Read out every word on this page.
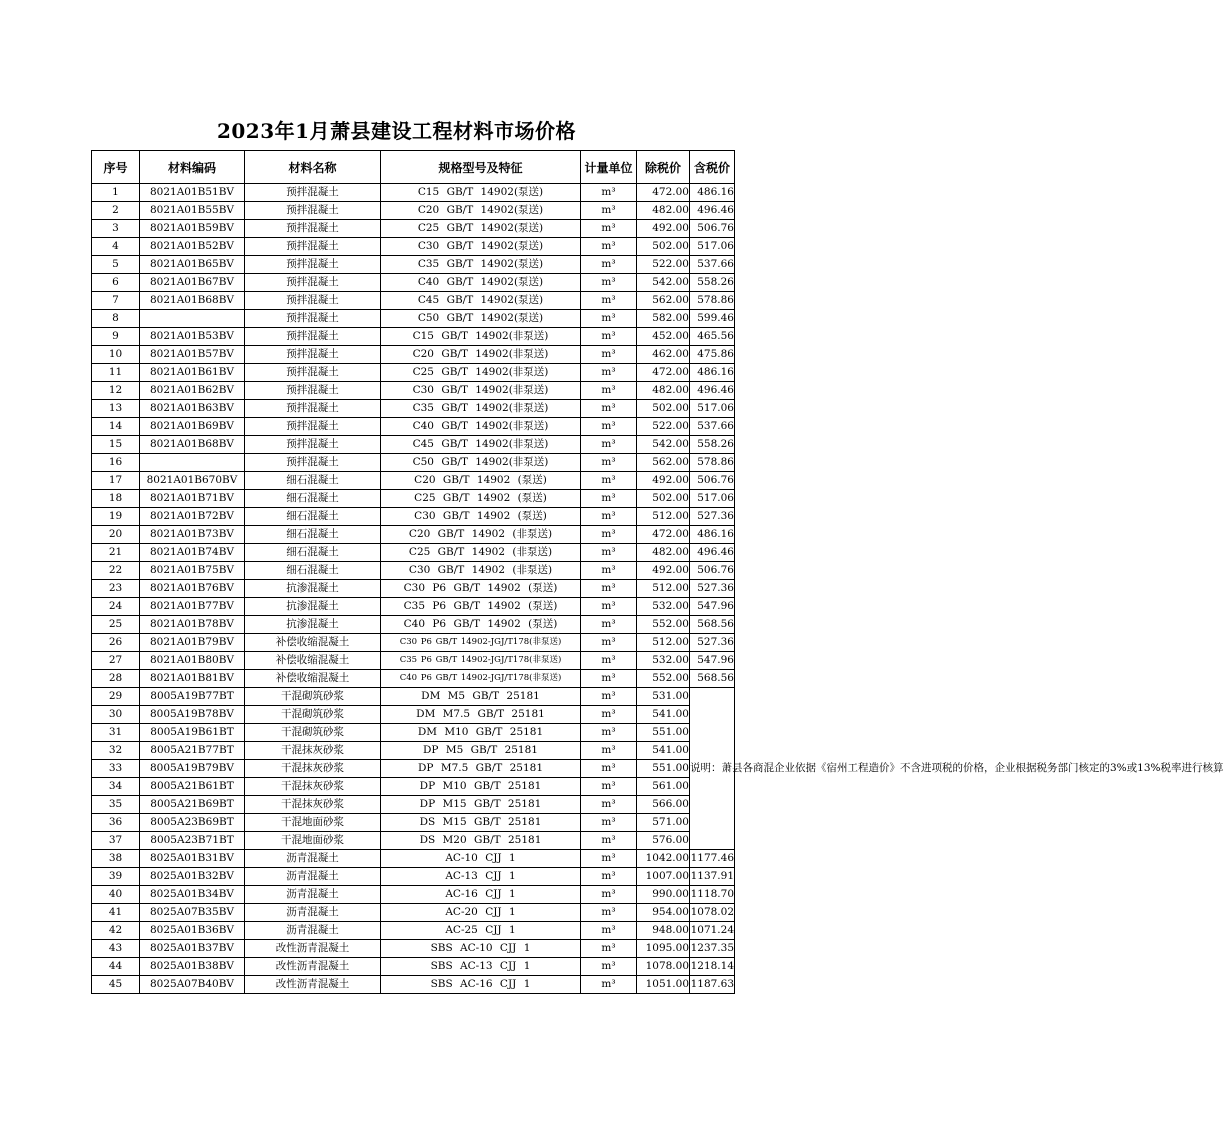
2023年1月萧县建设工程材料市场价格
序号	材料编码	材料名称	规格型号及特征	计量单位	除税价	含税价
1	8021A01B51BV	预拌混凝土	C15 GB/T 14902(泵送)	m³	472.00	486.16
2	8021A01B55BV	预拌混凝土	C20 GB/T 14902(泵送)	m³	482.00	496.46
3	8021A01B59BV	预拌混凝土	C25 GB/T 14902(泵送)	m³	492.00	506.76
4	8021A01B52BV	预拌混凝土	C30 GB/T 14902(泵送)	m³	502.00	517.06
5	8021A01B65BV	预拌混凝土	C35 GB/T 14902(泵送)	m³	522.00	537.66
6	8021A01B67BV	预拌混凝土	C40 GB/T 14902(泵送)	m³	542.00	558.26
7	8021A01B68BV	预拌混凝土	C45 GB/T 14902(泵送)	m³	562.00	578.86
8		预拌混凝土	C50 GB/T 14902(泵送)	m³	582.00	599.46
9	8021A01B53BV	预拌混凝土	C15 GB/T 14902(非泵送)	m³	452.00	465.56
10	8021A01B57BV	预拌混凝土	C20 GB/T 14902(非泵送)	m³	462.00	475.86
11	8021A01B61BV	预拌混凝土	C25 GB/T 14902(非泵送)	m³	472.00	486.16
12	8021A01B62BV	预拌混凝土	C30 GB/T 14902(非泵送)	m³	482.00	496.46
13	8021A01B63BV	预拌混凝土	C35 GB/T 14902(非泵送)	m³	502.00	517.06
14	8021A01B69BV	预拌混凝土	C40 GB/T 14902(非泵送)	m³	522.00	537.66
15	8021A01B68BV	预拌混凝土	C45 GB/T 14902(非泵送)	m³	542.00	558.26
16		预拌混凝土	C50 GB/T 14902(非泵送)	m³	562.00	578.86
17	8021A01B670BV	细石混凝土	C20 GB/T 14902 (泵送)	m³	492.00	506.76
18	8021A01B71BV	细石混凝土	C25 GB/T 14902 (泵送)	m³	502.00	517.06
19	8021A01B72BV	细石混凝土	C30 GB/T 14902 (泵送)	m³	512.00	527.36
20	8021A01B73BV	细石混凝土	C20 GB/T 14902 (非泵送)	m³	472.00	486.16
21	8021A01B74BV	细石混凝土	C25 GB/T 14902 (非泵送)	m³	482.00	496.46
22	8021A01B75BV	细石混凝土	C30 GB/T 14902 (非泵送)	m³	492.00	506.76
23	8021A01B76BV	抗渗混凝土	C30 P6 GB/T 14902 (泵送)	m³	512.00	527.36
24	8021A01B77BV	抗渗混凝土	C35 P6 GB/T 14902 (泵送)	m³	532.00	547.96
25	8021A01B78BV	抗渗混凝土	C40 P6 GB/T 14902 (泵送)	m³	552.00	568.56
26	8021A01B79BV	补偿收缩混凝土	C30 P6 GB/T 14902-JGJ/T178(非泵送)	m³	512.00	527.36
27	8021A01B80BV	补偿收缩混凝土	C35 P6 GB/T 14902-JGJ/T178(非泵送)	m³	532.00	547.96
28	8021A01B81BV	补偿收缩混凝土	C40 P6 GB/T 14902-JGJ/T178(非泵送)	m³	552.00	568.56
29	8005A19B77BT	干混砌筑砂浆	DM M5 GB/T 25181	m³	531.00	说明：萧县各商混企业依据《宿州工程造价》不含进项税的价格，企业根据税务部门核定的3%或13%税率进行核算
30	8005A19B78BV	干混砌筑砂浆	DM M7.5 GB/T 25181	m³	541.00	
31	8005A19B61BT	干混砌筑砂浆	DM M10 GB/T 25181	m³	551.00	
32	8005A21B77BT	干混抹灰砂浆	DP M5 GB/T 25181	m³	541.00	
33	8005A19B79BV	干混抹灰砂浆	DP M7.5 GB/T 25181	m³	551.00	
34	8005A21B61BT	干混抹灰砂浆	DP M10 GB/T 25181	m³	561.00	
35	8005A21B69BT	干混抹灰砂浆	DP M15 GB/T 25181	m³	566.00	
36	8005A23B69BT	干混地面砂浆	DS M15 GB/T 25181	m³	571.00	
37	8005A23B71BT	干混地面砂浆	DS M20 GB/T 25181	m³	576.00	
38	8025A01B31BV	沥青混凝土	AC-10 CJJ 1	m³	1042.00	1177.46
39	8025A01B32BV	沥青混凝土	AC-13 CJJ 1	m³	1007.00	1137.91
40	8025A01B34BV	沥青混凝土	AC-16 CJJ 1	m³	990.00	1118.70
41	8025A07B35BV	沥青混凝土	AC-20 CJJ 1	m³	954.00	1078.02
42	8025A01B36BV	沥青混凝土	AC-25 CJJ 1	m³	948.00	1071.24
43	8025A01B37BV	改性沥青混凝土	SBS AC-10 CJJ 1	m³	1095.00	1237.35
44	8025A01B38BV	改性沥青混凝土	SBS AC-13 CJJ 1	m³	1078.00	1218.14
45	8025A07B40BV	改性沥青混凝土	SBS AC-16 CJJ 1	m³	1051.00	1187.63
